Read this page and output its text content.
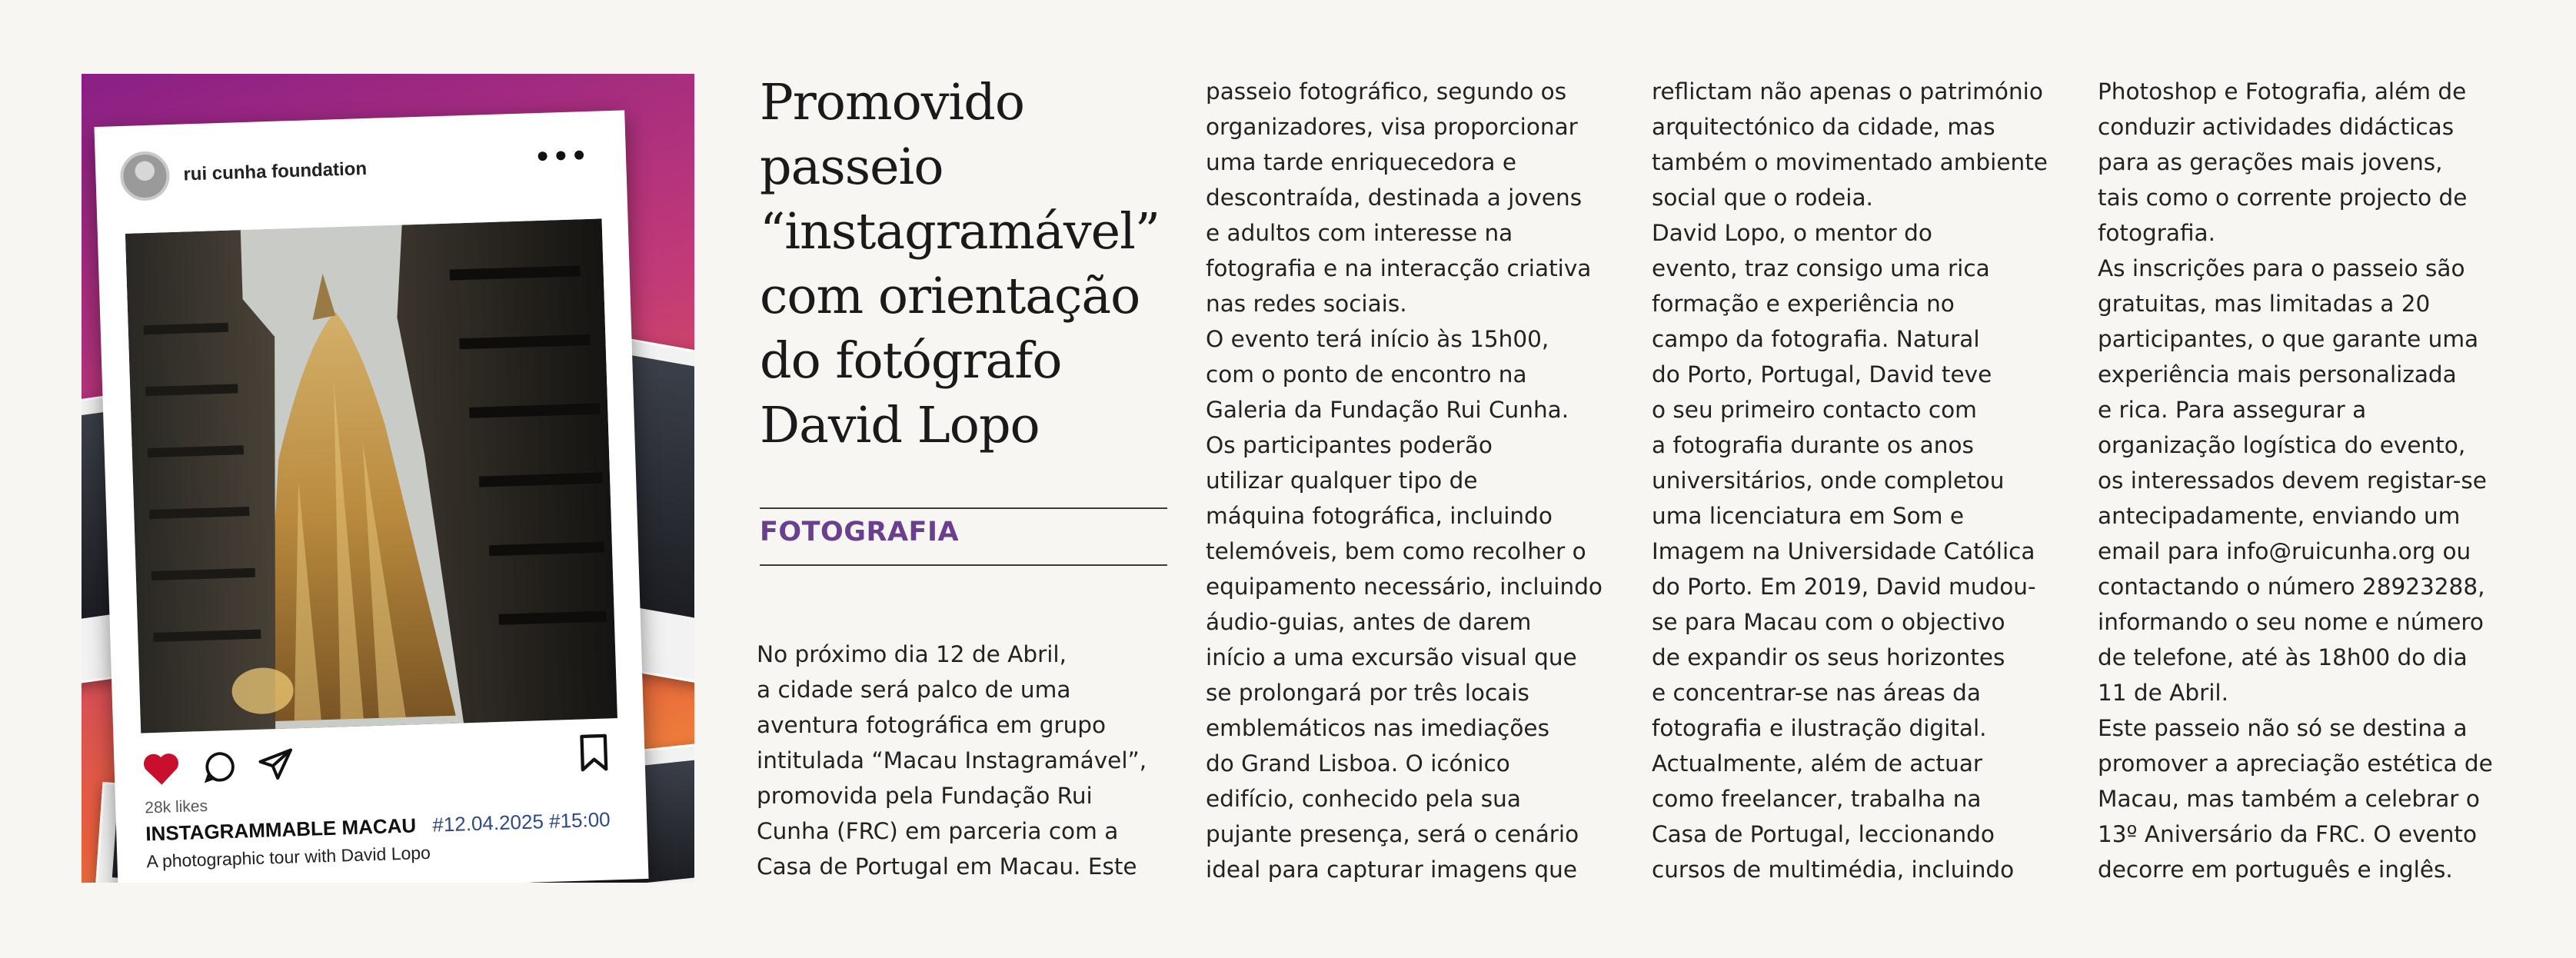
rui cunha foundation	•••
28k likes
INSTAGRAMMABLE MACAU #12.04.2025 #15:00
A photographic tour with David Lopo
Promovido passeio “instagramável” com orientação do fotógrafo David Lopo
FOTOGRAFIA

No próximo dia 12 de Abril,
a cidade será palco de uma
aventura fotográfica em grupo
intitulada “Macau Instagramável”,
promovida pela Fundação Rui
Cunha (FRC) em parceria com a
Casa de Portugal em Macau. Este

passeio fotográfico, segundo os
organizadores, visa proporcionar
uma tarde enriquecedora e
descontraída, destinada a jovens
e adultos com interesse na
fotografia e na interacção criativa
nas redes sociais.
O evento terá início às 15h00,
com o ponto de encontro na
Galeria da Fundação Rui Cunha.
Os participantes poderão
utilizar qualquer tipo de
máquina fotográfica, incluindo
telemóveis, bem como recolher o
equipamento necessário, incluindo
áudio-guias, antes de darem
início a uma excursão visual que
se prolongará por três locais
emblemáticos nas imediações
do Grand Lisboa. O icónico
edifício, conhecido pela sua
pujante presença, será o cenário
ideal para capturar imagens que

reflictam não apenas o património
arquitectónico da cidade, mas
também o movimentado ambiente
social que o rodeia.
David Lopo, o mentor do
evento, traz consigo uma rica
formação e experiência no
campo da fotografia. Natural
do Porto, Portugal, David teve
o seu primeiro contacto com
a fotografia durante os anos
universitários, onde completou
uma licenciatura em Som e
Imagem na Universidade Católica
do Porto. Em 2019, David mudou-
se para Macau com o objectivo
de expandir os seus horizontes
e concentrar-se nas áreas da
fotografia e ilustração digital.
Actualmente, além de actuar
como freelancer, trabalha na
Casa de Portugal, leccionando
cursos de multimédia, incluindo

Photoshop e Fotografia, além de
conduzir actividades didácticas
para as gerações mais jovens,
tais como o corrente projecto de
fotografia.
As inscrições para o passeio são
gratuitas, mas limitadas a 20
participantes, o que garante uma
experiência mais personalizada
e rica. Para assegurar a
organização logística do evento,
os interessados devem registar-se
antecipadamente, enviando um
email para info@ruicunha.org ou
contactando o número 28923288,
informando o seu nome e número
de telefone, até às 18h00 do dia
11 de Abril.
Este passeio não só se destina a
promover a apreciação estética de
Macau, mas também a celebrar o
13º Aniversário da FRC. O evento
decorre em português e inglês.
